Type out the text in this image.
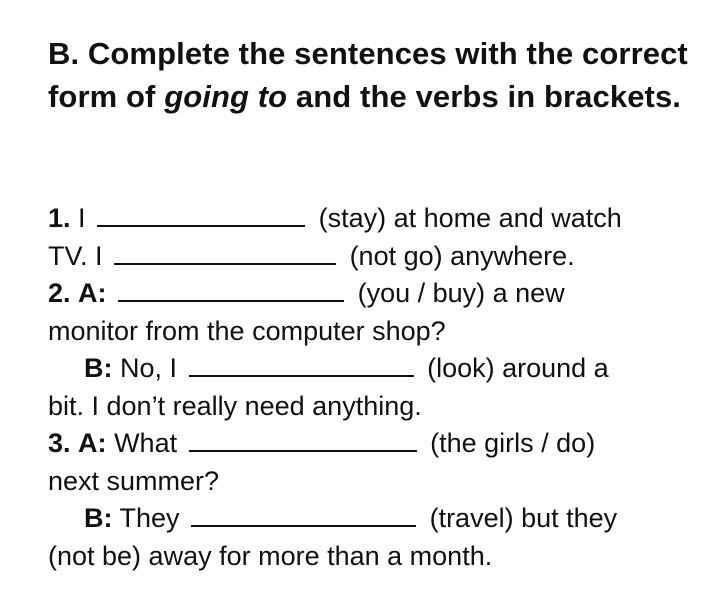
B. Complete the sentences with the correct form of going to and the verbs in brackets.
1. I	(stay) at home and watch
TV. I	(not go) anywhere.
2. A:	(you / buy) a new
monitor from the computer shop?
B: No, I	(look) around a
bit. I don’t really need anything.
3. A: What	(the girls / do)
next summer?
B: They	(travel) but they
(not be) away for more than a month.
